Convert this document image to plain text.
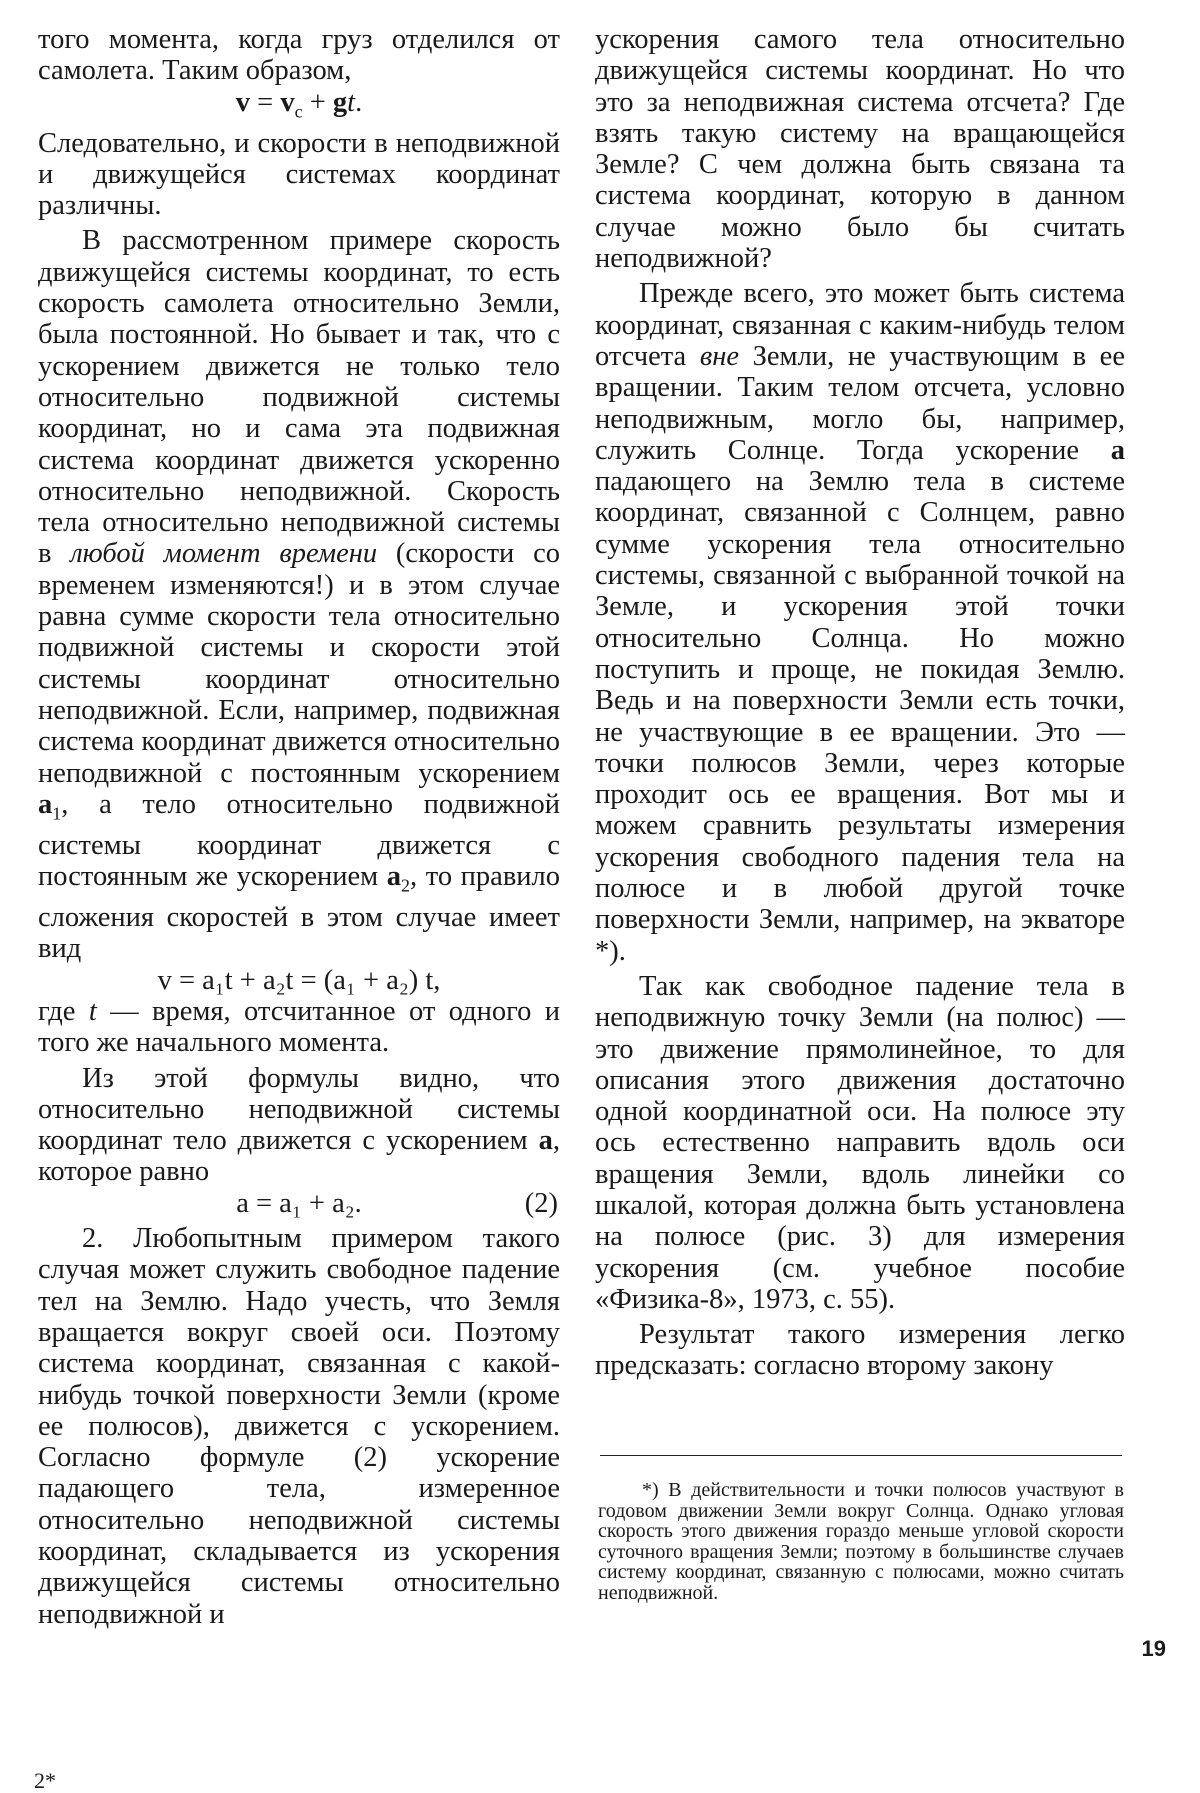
того момента, когда груз отделился от самолета. Таким образом,

$v = v_c$ + gt.

Следовательно, и скорости в неподвижной и движущейся системах координат различны.

В рассмотренном примере скорость движущейся системы координат, то есть скорость самолета относительно Земли, была постоянной. Но бывает и так, что с ускорением движется не только тело относительно подвижной системы координат, но и сама эта подвижная система координат движется ускоренно относительно неподвижной. Скорость тела относительно неподвижной системы в любой момент времени (скорости со временем изменяются!) и в этом случае равна сумме скорости тела относительно подвижной системы и скорости этой системы координат относительно неподвижной. Если, например, подвижная система координат движется относительно неподвижной с постоянным ускорением $a_1$, а тело относительно подвижной системы координат движется с постоянным же ускорением $a_2$, то правило сложения скоростей в этом случае имеет вид

v = a₁t + a₂t = (a₁ + a₂) t,

где t — время, отсчитанное от одного и того же начального момента.

Из этой формулы видно, что относительно неподвижной системы координат тело движется с ускорением a, которое равно

a = a₁ + a₂.	(2)

2. Любопытным примером такого случая может служить свободное падение тел на Землю. Надо учесть, что Земля вращается вокруг своей оси. Поэтому система координат, связанная с какой-нибудь точкой поверхности Земли (кроме ее полюсов), движется с ускорением. Согласно формуле (2) ускорение падающего тела, измеренное относительно неподвижной системы координат, складывается из ускорения движущейся системы относительно неподвижной и

ускорения самого тела относительно движущейся системы координат. Но что это за неподвижная система отсчета? Где взять такую систему на вращающейся Земле? С чем должна быть связана та система координат, которую в данном случае можно было бы считать неподвижной?

Прежде всего, это может быть система координат, связанная с каким-нибудь телом отсчета вне Земли, не участвующим в ее вращении. Таким телом отсчета, условно неподвижным, могло бы, например, служить Солнце. Тогда ускорение a падающего на Землю тела в системе координат, связанной с Солнцем, равно сумме ускорения тела относительно системы, связанной с выбранной точкой на Земле, и ускорения этой точки относительно Солнца. Но можно поступить и проще, не покидая Землю. Ведь и на поверхности Земли есть точки, не участвующие в ее вращении. Это — точки полюсов Земли, через которые проходит ось ее вращения. Вот мы и можем сравнить результаты измерения ускорения свободного падения тела на полюсе и в любой другой точке поверхности Земли, например, на экваторе *).

Так как свободное падение тела в неподвижную точку Земли (на полюс) — это движение прямолинейное, то для описания этого движения достаточно одной координатной оси. На полюсе эту ось естественно направить вдоль оси вращения Земли, вдоль линейки со шкалой, которая должна быть установлена на полюсе (рис. 3) для измерения ускорения (см. учебное пособие «Физика-8», 1973, с. 55).

Результат такого измерения легко предсказать: согласно второму закону

*) В действительности и точки полюсов участвуют в годовом движении Земли вокруг Солнца. Однако угловая скорость этого движения гораздо меньше угловой скорости суточного вращения Земли; поэтому в большинстве случаев систему координат, связанную с полюсами, можно считать неподвижной.

19
2*
